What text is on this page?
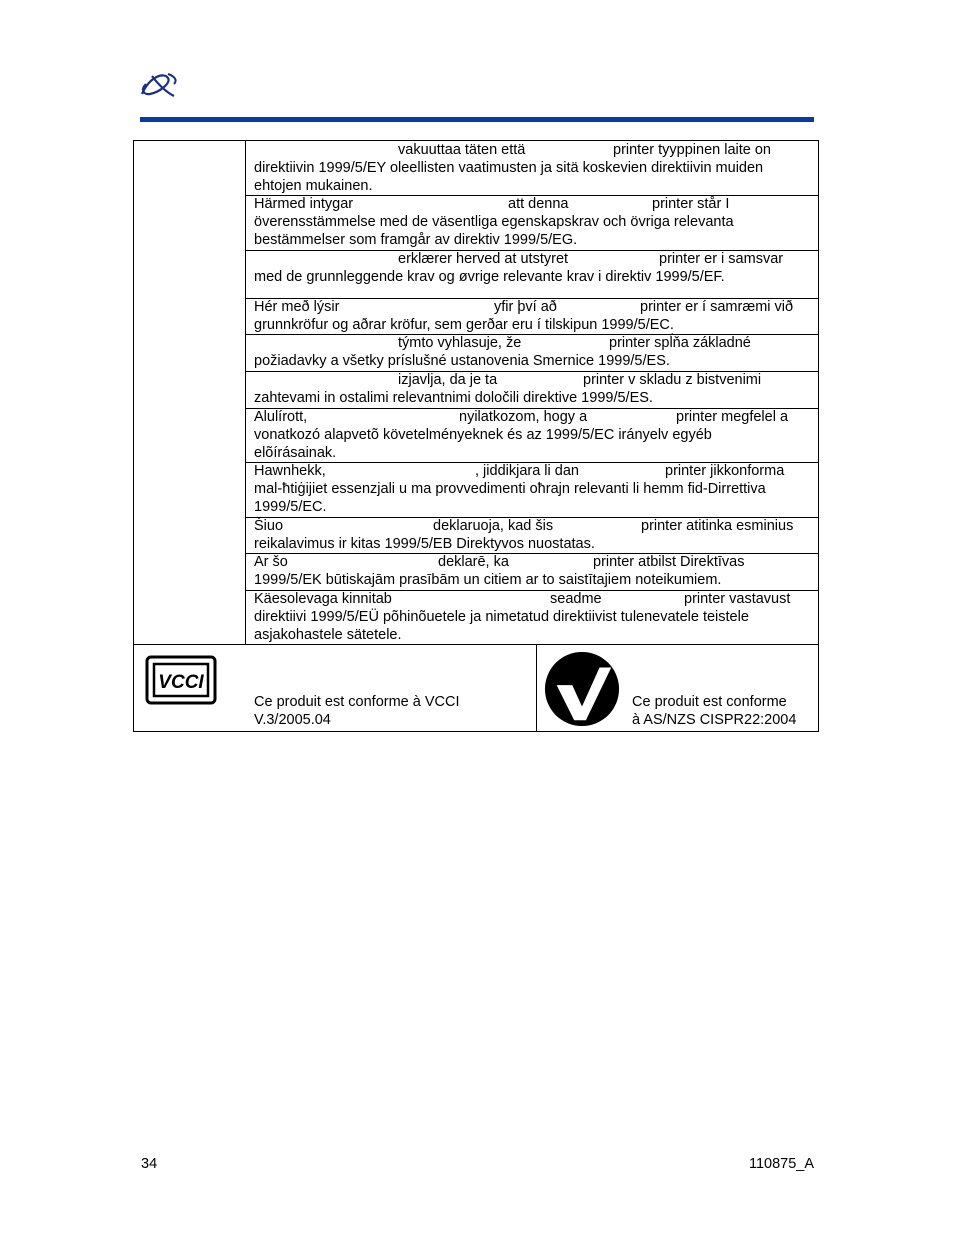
vakuuttaa täten että	printer tyyppinen laite on
direktiivin 1999/5/EY oleellisten vaatimusten ja sitä koskevien direktiivin muiden
ehtojen mukainen.
Härmed intygar	att denna	printer står I
överensstämmelse med de väsentliga egenskapskrav och övriga relevanta
bestämmelser som framgår av direktiv 1999/5/EG.
erklærer herved at utstyret	printer er i samsvar
med de grunnleggende krav og øvrige relevante krav i direktiv 1999/5/EF.
Hér með lýsir	yfir því að	printer er í samræmi við
grunnkröfur og aðrar kröfur, sem gerðar eru í tilskipun 1999/5/EC.
týmto vyhlasuje, že	printer spĺňa základné
požiadavky a všetky príslušné ustanovenia Smernice 1999/5/ES.
izjavlja, da je ta	printer v skladu z bistvenimi
zahtevami in ostalimi relevantnimi določili direktive 1999/5/ES.
Alulírott,	nyilatkozom, hogy a	printer megfelel a
vonatkozó alapvetõ követelményeknek és az 1999/5/EC irányelv egyéb
elõírásainak.
Hawnhekk,	, jiddikjara li dan	printer jikkonforma
mal-ħtiġijiet essenzjali u ma provvedimenti oħrajn relevanti li hemm fid-Dirrettiva
1999/5/EC.
Šiuo	deklaruoja, kad šis	printer atitinka esminius
reikalavimus ir kitas 1999/5/EB Direktyvos nuostatas.
Ar šo	deklarē, ka	printer atbilst Direktīvas
1999/5/EK būtiskajām prasībām un citiem ar to saistītajiem noteikumiem.
Käesolevaga kinnitab	seadme	printer vastavust
direktiivi 1999/5/EÜ põhinõuetele ja nimetatud direktiivist tulenevatele teistele
asjakohastele sätetele.
VCCI
Ce produit est conforme à VCCI
V.3/2005.04
Ce produit est conforme
à AS/NZS CISPR22:2004
34	110875_A
